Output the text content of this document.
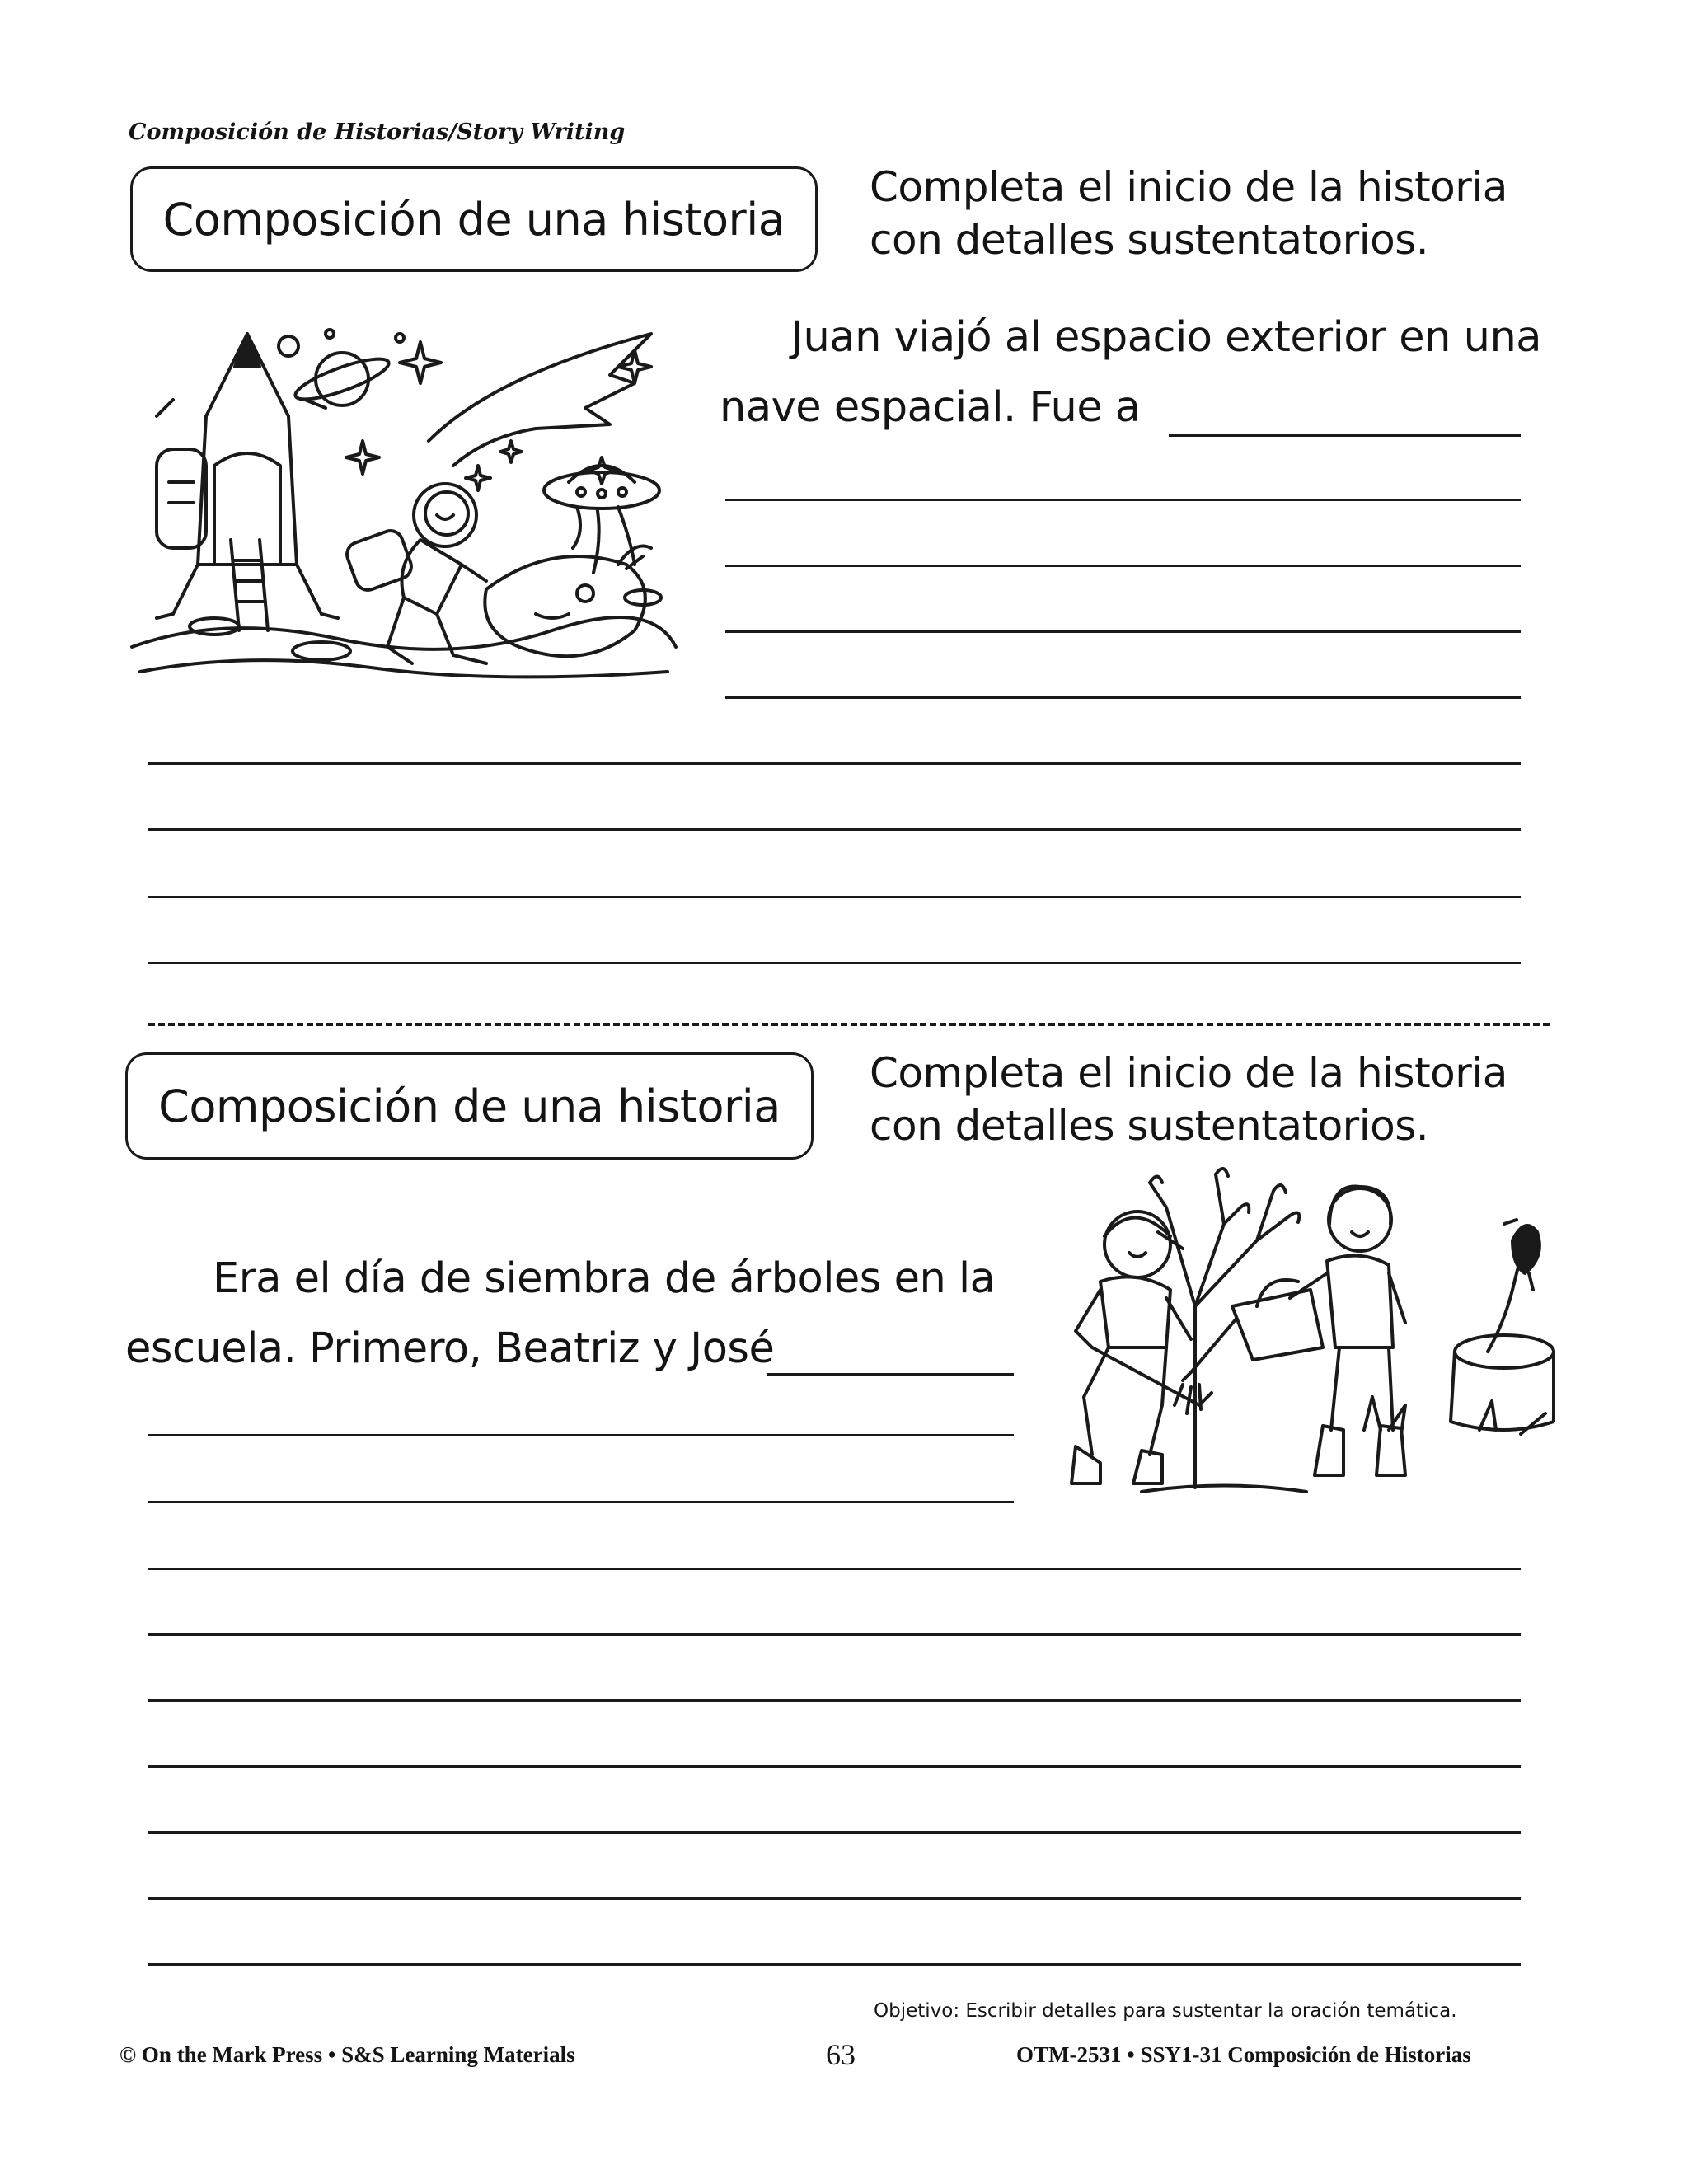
Composición de Historias/Story Writing
Composición de una historia
Completa el inicio de la historia
con detalles sustentatorios.
Juan viajó al espacio exterior en una
nave espacial. Fue a
Composición de una historia
Completa el inicio de la historia
con detalles sustentatorios.
Era el día de siembra de árboles en la
escuela. Primero, Beatriz y José
Objetivo: Escribir detalles para sustentar la oración temática.
© On the Mark Press • S&S Learning Materials	63	OTM-2531 • SSY1-31 Composición de Historias
